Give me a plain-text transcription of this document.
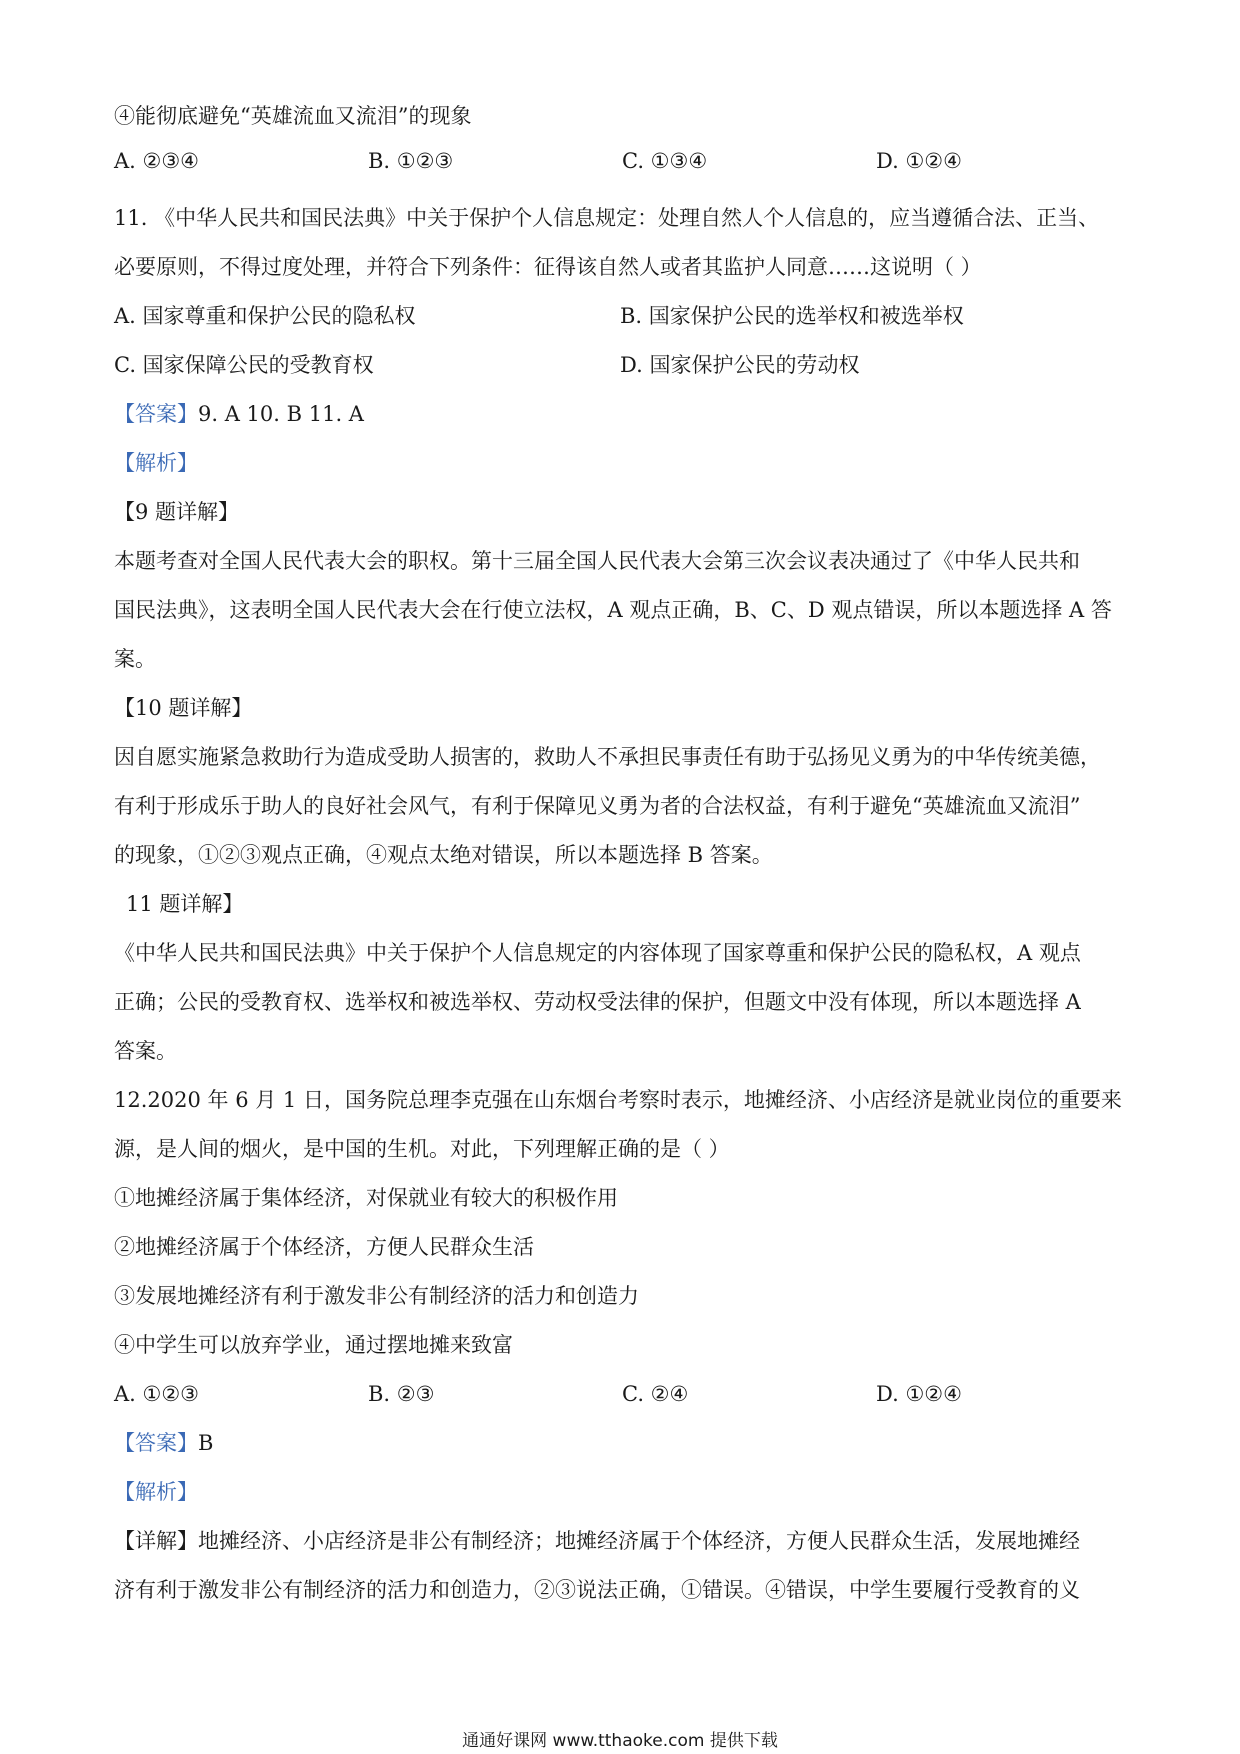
④能彻底避免“英雄流血又流泪”的现象
A. ②③④	B. ①②③	C. ①③④	D. ①②④
11. 《中华人民共和国民法典》中关于保护个人信息规定：处理自然人个人信息的，应当遵循合法、正当、
必要原则，不得过度处理，并符合下列条件：征得该自然人或者其监护人同意……这说明（ ）
A. 国家尊重和保护公民的隐私权	B. 国家保护公民的选举权和被选举权
C. 国家保障公民的受教育权	D. 国家保护公民的劳动权
【答案】9. A 10. B 11. A
【解析】
【9 题详解】
本题考查对全国人民代表大会的职权。第十三届全国人民代表大会第三次会议表决通过了《中华人民共和
国民法典》，这表明全国人民代表大会在行使立法权，A 观点正确，B、C、D 观点错误，所以本题选择 A 答
案。
【10 题详解】
因自愿实施紧急救助行为造成受助人损害的，救助人不承担民事责任有助于弘扬见义勇为的中华传统美德，
有利于形成乐于助人的良好社会风气，有利于保障见义勇为者的合法权益，有利于避免“英雄流血又流泪”
的现象，①②③观点正确，④观点太绝对错误，所以本题选择 B 答案。
11 题详解】
《中华人民共和国民法典》中关于保护个人信息规定的内容体现了国家尊重和保护公民的隐私权，A 观点
正确；公民的受教育权、选举权和被选举权、劳动权受法律的保护，但题文中没有体现，所以本题选择 A
答案。
12.2020 年 6 月 1 日，国务院总理李克强在山东烟台考察时表示，地摊经济、小店经济是就业岗位的重要来
源，是人间的烟火，是中国的生机。对此，下列理解正确的是（ ）
①地摊经济属于集体经济，对保就业有较大的积极作用
②地摊经济属于个体经济，方便人民群众生活
③发展地摊经济有利于激发非公有制经济的活力和创造力
④中学生可以放弃学业，通过摆地摊来致富
A. ①②③	B. ②③	C. ②④	D. ①②④
【答案】B
【解析】
【详解】地摊经济、小店经济是非公有制经济；地摊经济属于个体经济，方便人民群众生活，发展地摊经
济有利于激发非公有制经济的活力和创造力，②③说法正确，①错误。④错误，中学生要履行受教育的义
通通好课网 www.tthaoke.com 提供下载
